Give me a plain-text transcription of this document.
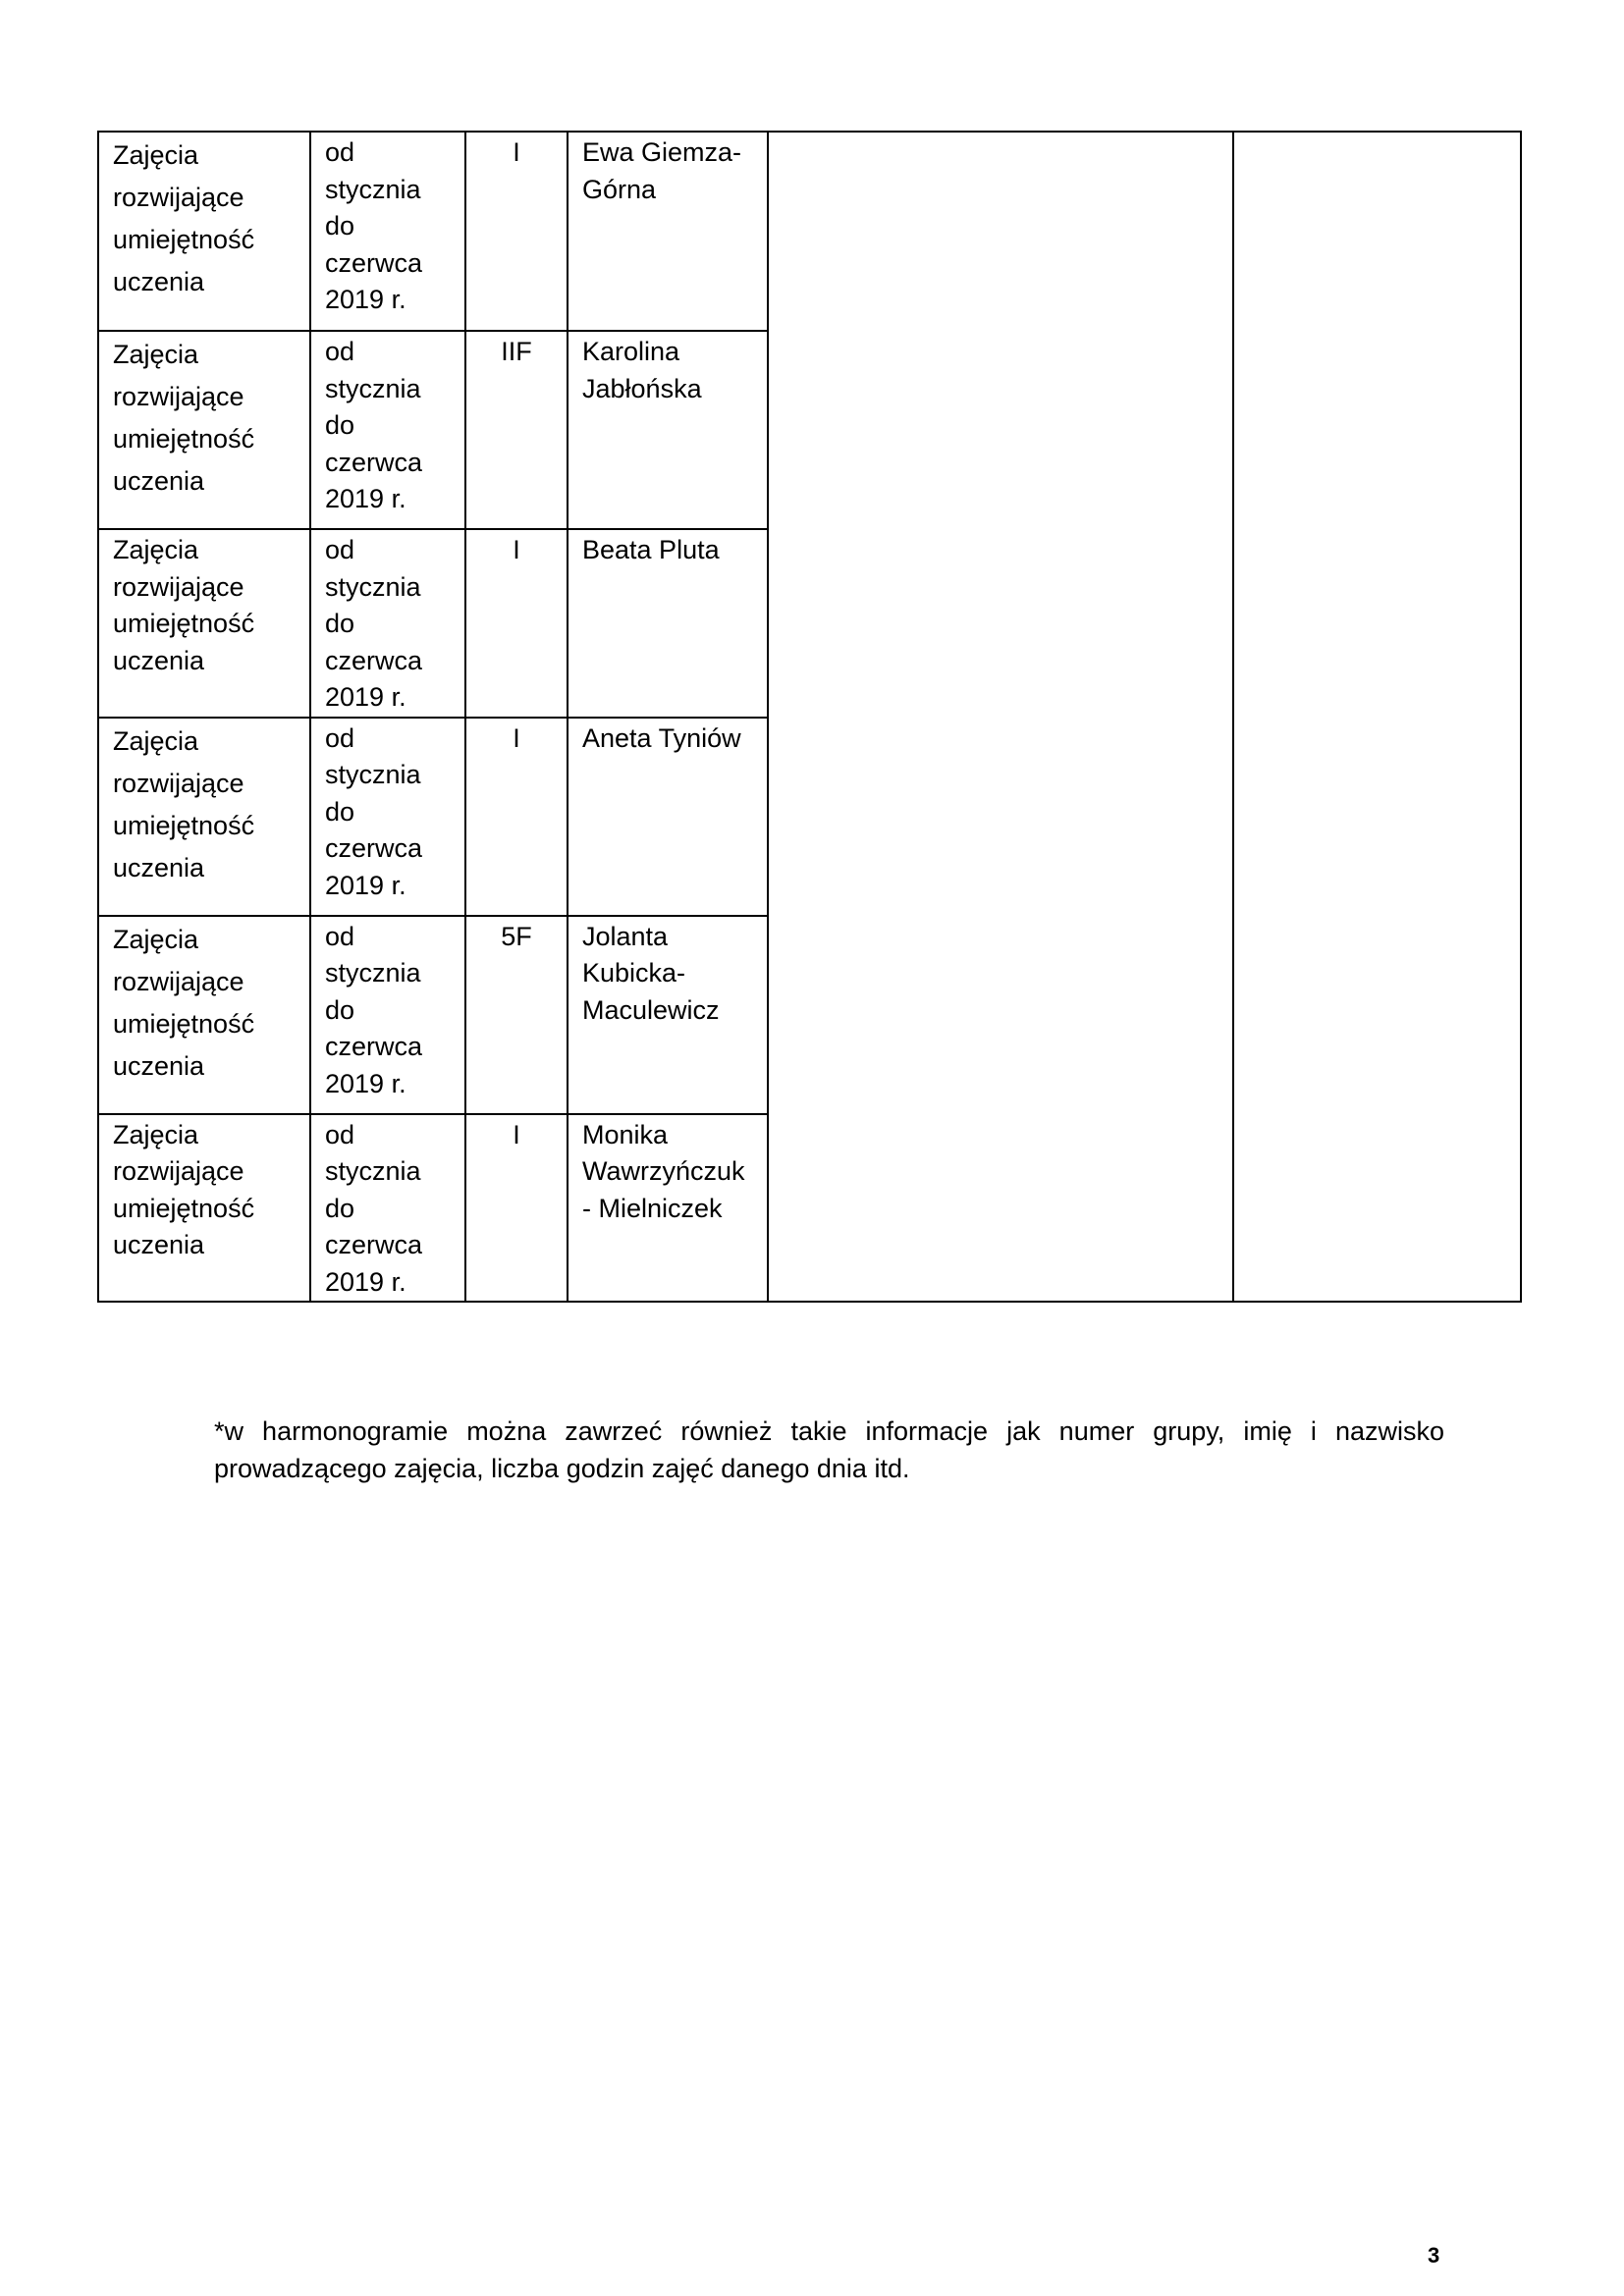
Zajęcia
rozwijające
umiejętność
uczenia	od
stycznia
do
czerwca
2019 r.	I	Ewa Giemza-
Górna		

Zajęcia
rozwijające
umiejętność
uczenia	od
stycznia
do
czerwca
2019 r.	IIF	Karolina
Jabłońska		

Zajęcia
rozwijające
umiejętność
uczenia	od
stycznia
do
czerwca
2019 r.	I	Beata Pluta		

Zajęcia
rozwijające
umiejętność
uczenia	od
stycznia
do
czerwca
2019 r.	I	Aneta Tyniów		

Zajęcia
rozwijające
umiejętność
uczenia	od
stycznia
do
czerwca
2019 r.	5F	Jolanta
Kubicka-
Maculewicz		

Zajęcia
rozwijające
umiejętność
uczenia	od
stycznia
do
czerwca
2019 r.	I	Monika
Wawrzyńczuk
- Mielniczek		

*w harmonogramie można zawrzeć również takie informacje jak numer grupy, imię i nazwisko prowadzącego zajęcia, liczba godzin zajęć danego dnia itd.

3
